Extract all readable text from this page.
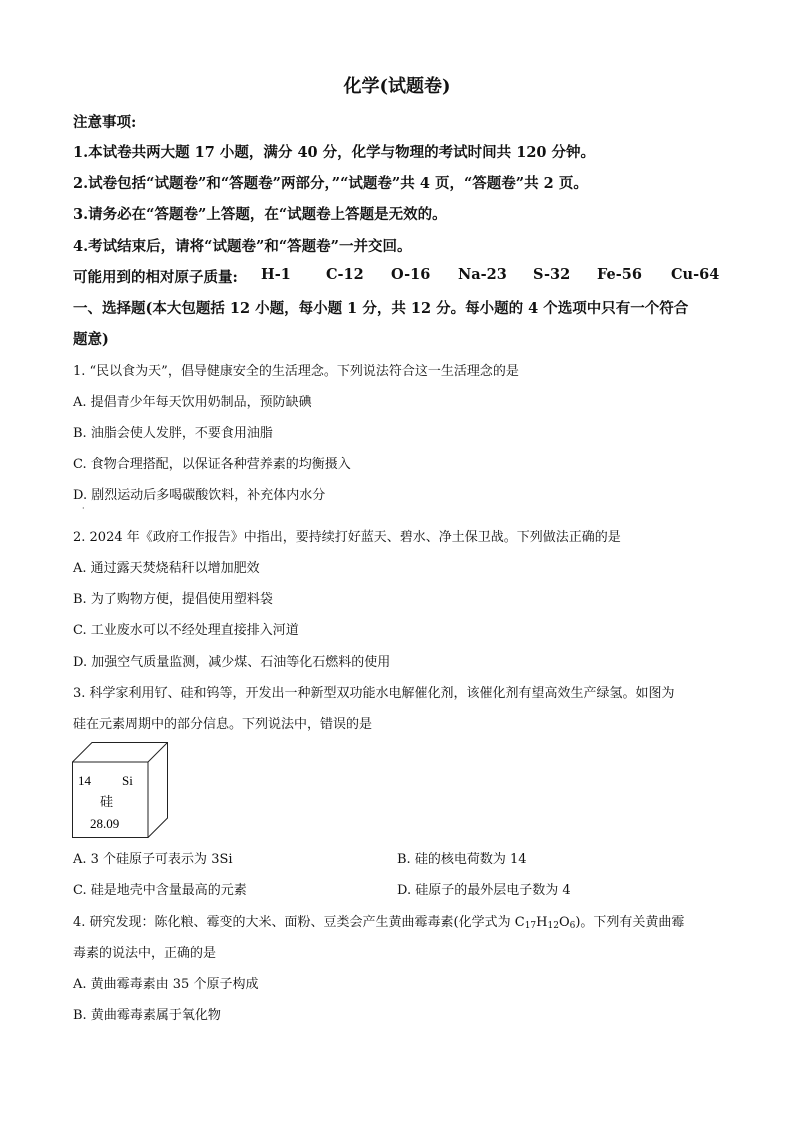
化学(试题卷)
注意事项:
1.本试卷共两大题 17 小题，满分 40 分，化学与物理的考试时间共 120 分钟。
2.试卷包括“试题卷”和“答题卷”两部分，”“试题卷”共 4 页，“答题卷”共 2 页。
3.请务必在“答题卷”上答题，在“试题卷上答题是无效的。
4.考试结束后，请将“试题卷”和“答题卷”一并交回。
可能用到的相对原子质量: H-1 C-12 O-16 Na-23 S-32 Fe-56 Cu-64
一、选择题(本大包题括 12 小题，每小题 1 分，共 12 分。每小题的 4 个选项中只有一个符合
题意)
1. “民以食为天”，倡导健康安全的生活理念。下列说法符合这一生活理念的是
A. 提倡青少年每天饮用奶制品，预防缺碘
B. 油脂会使人发胖，不要食用油脂
C. 食物合理搭配，以保证各种营养素的均衡摄入
D. 剧烈运动后多喝碳酸饮料，补充体内水分
·
2. 2024 年《政府工作报告》中指出，要持续打好蓝天、碧水、净土保卫战。下列做法正确的是
A. 通过露天焚烧秸秆以增加肥效
B. 为了购物方便，提倡使用塑料袋
C. 工业废水可以不经处理直接排入河道
D. 加强空气质量监测，减少煤、石油等化石燃料的使用
3. 科学家利用钌、硅和钨等，开发出一种新型双功能水电解催化剂，该催化剂有望高效生产绿氢。如图为
硅在元素周期中的部分信息。下列说法中，错误的是
14 Si
硅
28.09
A. 3 个硅原子可表示为 3Si	B. 硅的核电荷数为 14
C. 硅是地壳中含量最高的元素	D. 硅原子的最外层电子数为 4
4. 研究发现：陈化粮、霉变的大米、面粉、豆类会产生黄曲霉毒素(化学式为 $C_{17}H_{12}O_6$)。下列有关黄曲霉
毒素的说法中，正确的是
A. 黄曲霉毒素由 35 个原子构成
B. 黄曲霉毒素属于氧化物
